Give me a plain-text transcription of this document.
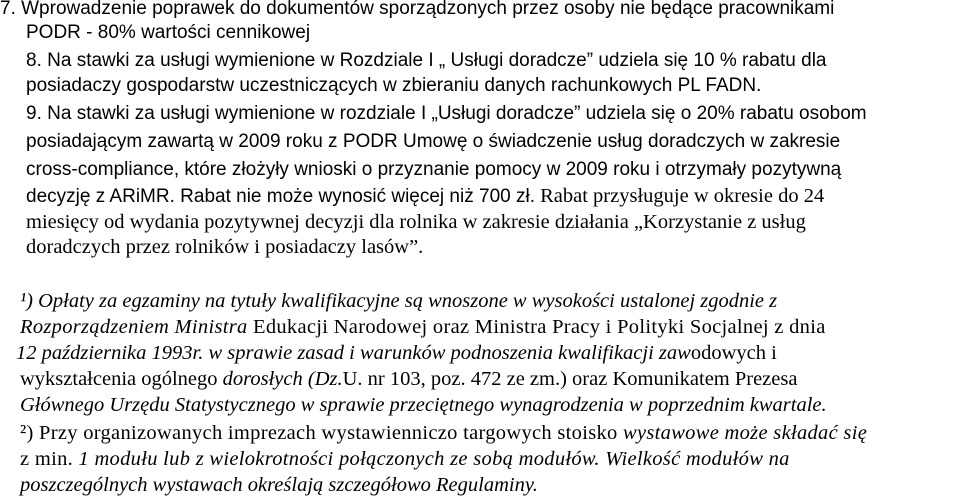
7. Wprowadzenie poprawek do dokumentów sporządzonych przez osoby nie będące pracownikami
PODR - 80% wartości cennikowej
8. Na stawki za usługi wymienione w Rozdziale I „ Usługi doradcze” udziela się 10 % rabatu dla
posiadaczy gospodarstw uczestniczących w zbieraniu danych rachunkowych PL FADN.
9. Na stawki za usługi wymienione w rozdziale I „Usługi doradcze” udziela się o 20% rabatu osobom
posiadającym zawartą w 2009 roku z PODR Umowę o świadczenie usług doradczych w zakresie
cross-compliance, które złożyły wnioski o przyznanie pomocy w 2009 roku i otrzymały pozytywną
decyzję z ARiMR. Rabat nie może wynosić więcej niż 700 zł. Rabat przysługuje w okresie do 24
miesięcy od wydania pozytywnej decyzji dla rolnika w zakresie działania „Korzystanie z usług
doradczych przez rolników i posiadaczy lasów”.
¹) Opłaty za egzaminy na tytuły kwalifikacyjne są wnoszone w wysokości ustalonej zgodnie z
Rozporządzeniem Ministra Edukacji Narodowej oraz Ministra Pracy i Polityki Socjalnej z dnia
12 października 1993r. w sprawie zasad i warunków podnoszenia kwalifikacji zawodowych i
wykształcenia ogólnego dorosłych (Dz.U. nr 103, poz. 472 ze zm.) oraz Komunikatem Prezesa
Głównego Urzędu Statystycznego w sprawie przeciętnego wynagrodzenia w poprzednim kwartale.
²) Przy organizowanych imprezach wystawienniczo targowych stoisko wystawowe może składać się
z min. 1 modułu lub z wielokrotności połączonych ze sobą modułów. Wielkość modułów na
poszczególnych wystawach określają szczegółowo Regulaminy.
